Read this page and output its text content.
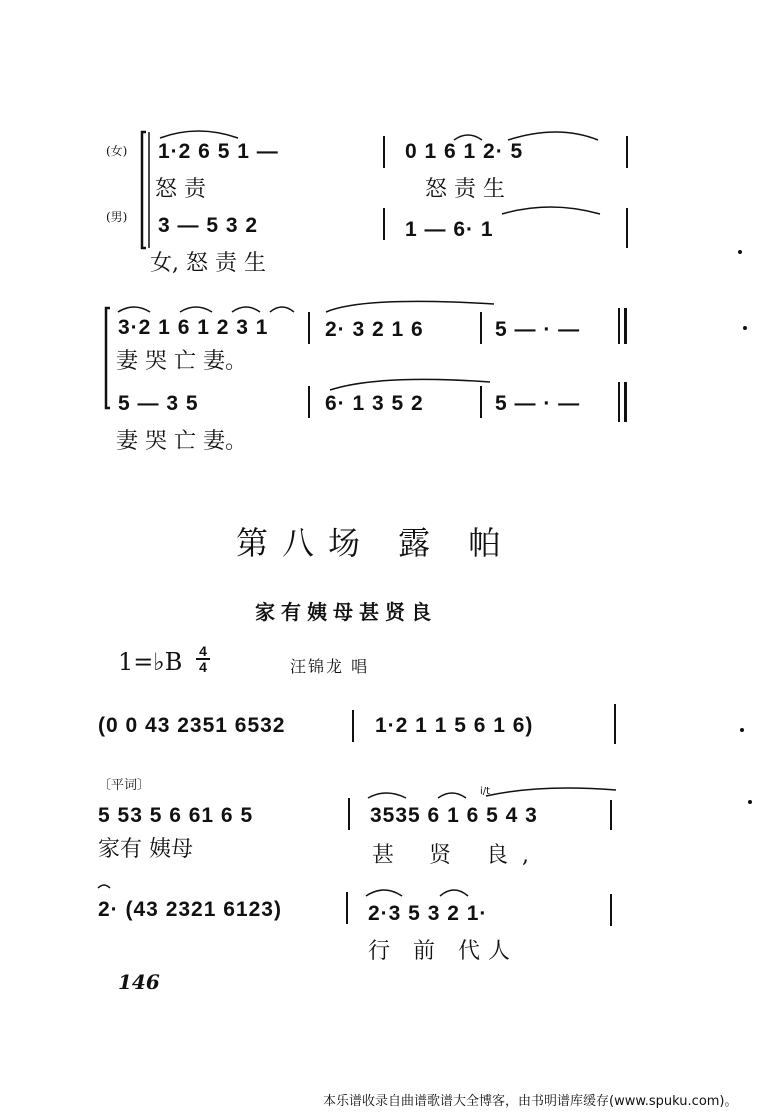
(女)
(男)
1·2 6 5 1 —	0 1 6 1 2· 5
怒 责	怒 责 生
3 — 5 3 2	1 — 6· 1
女, 怒 责 生
3·2 1 6 1 2 3 1	2· 3 2 1 6	5 — · —
妻 哭 亡 妻。
5 — 3 5	6· 1 3 5 2	5 — · —
妻 哭 亡 妻。
第八场 露 帕
家有姨母甚贤良
1=♭B 4
4	汪锦龙 唱
(0 0 43 2351 6532	1·2 1 1 5 6 1 6)
〔平词〕
5 53 5 6 61 6 5	3535 6 1 6 5 4 3
i/t
家有 姨母	甚 贤 良,
2· (43 2321 6123)	2·3 5 3 2 1·
行 前 代人
146
本乐谱收录自曲谱歌谱大全博客，由书明谱库缓存(www.spuku.com)。
